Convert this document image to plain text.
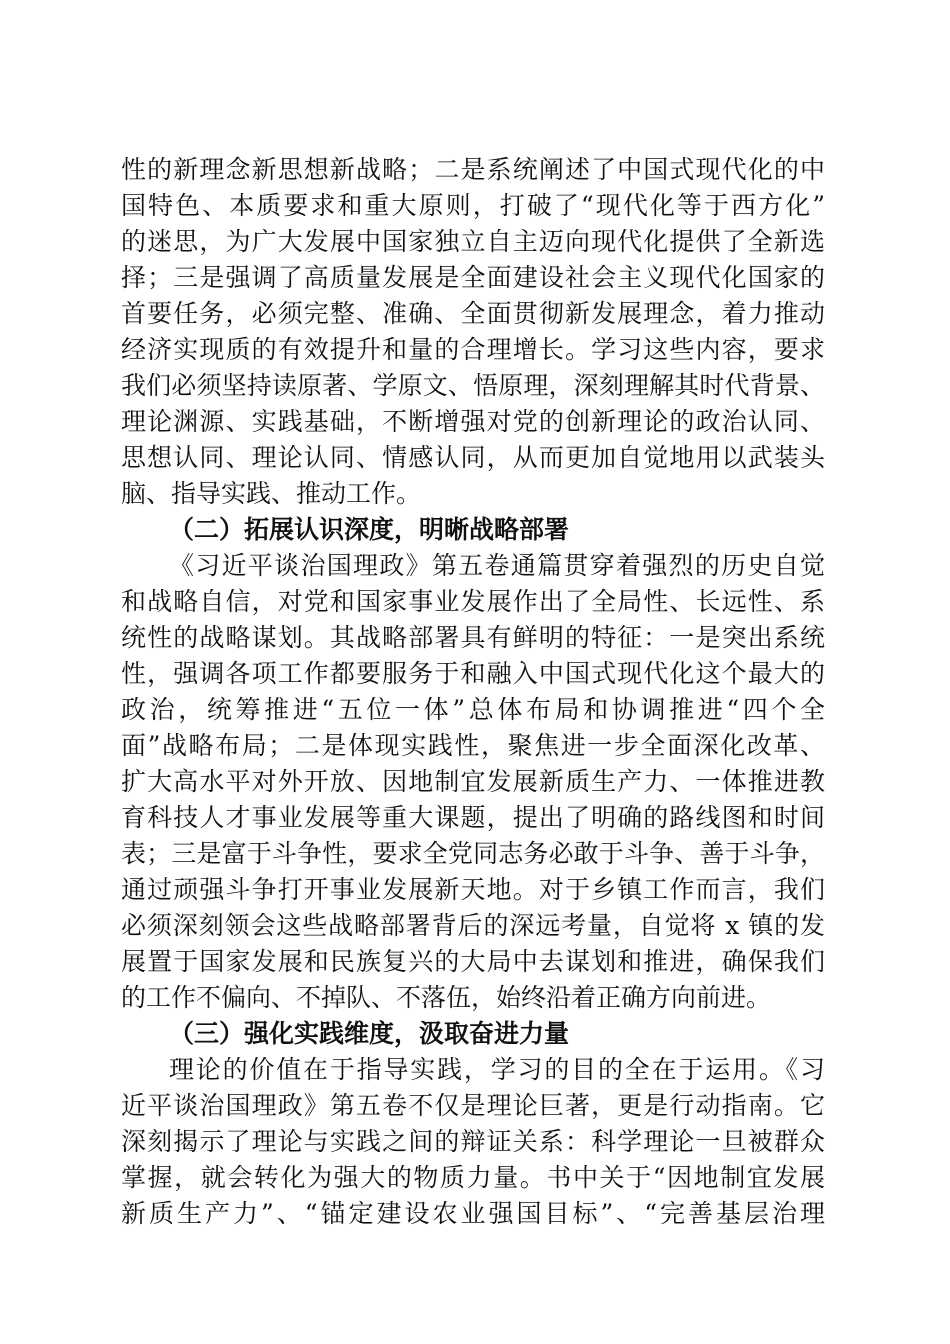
性的新理念新思想新战略；二是系统阐述了中国式现代化的中
国特色、本质要求和重大原则，打破了“现代化等于西方化”
的迷思，为广大发展中国家独立自主迈向现代化提供了全新选
择；三是强调了高质量发展是全面建设社会主义现代化国家的
首要任务，必须完整、准确、全面贯彻新发展理念，着力推动
经济实现质的有效提升和量的合理增长。学习这些内容，要求
我们必须坚持读原著、学原文、悟原理，深刻理解其时代背景、
理论渊源、实践基础，不断增强对党的创新理论的政治认同、
思想认同、理论认同、情感认同，从而更加自觉地用以武装头
脑、指导实践、推动工作。
（二）拓展认识深度，明晰战略部署
《习近平谈治国理政》第五卷通篇贯穿着强烈的历史自觉
和战略自信，对党和国家事业发展作出了全局性、长远性、系
统性的战略谋划。其战略部署具有鲜明的特征：一是突出系统
性，强调各项工作都要服务于和融入中国式现代化这个最大的
政治，统筹推进“五位一体”总体布局和协调推进“四个全
面”战略布局；二是体现实践性，聚焦进一步全面深化改革、
扩大高水平对外开放、因地制宜发展新质生产力、一体推进教
育科技人才事业发展等重大课题，提出了明确的路线图和时间
表；三是富于斗争性，要求全党同志务必敢于斗争、善于斗争，
通过顽强斗争打开事业发展新天地。对于乡镇工作而言，我们
必须深刻领会这些战略部署背后的深远考量，自觉将 x 镇的发
展置于国家发展和民族复兴的大局中去谋划和推进，确保我们
的工作不偏向、不掉队、不落伍，始终沿着正确方向前进。
（三）强化实践维度，汲取奋进力量
理论的价值在于指导实践，学习的目的全在于运用。《习
近平谈治国理政》第五卷不仅是理论巨著，更是行动指南。它
深刻揭示了理论与实践之间的辩证关系：科学理论一旦被群众
掌握，就会转化为强大的物质力量。书中关于“因地制宜发展
新质生产力”、“锚定建设农业强国目标”、“完善基层治理
